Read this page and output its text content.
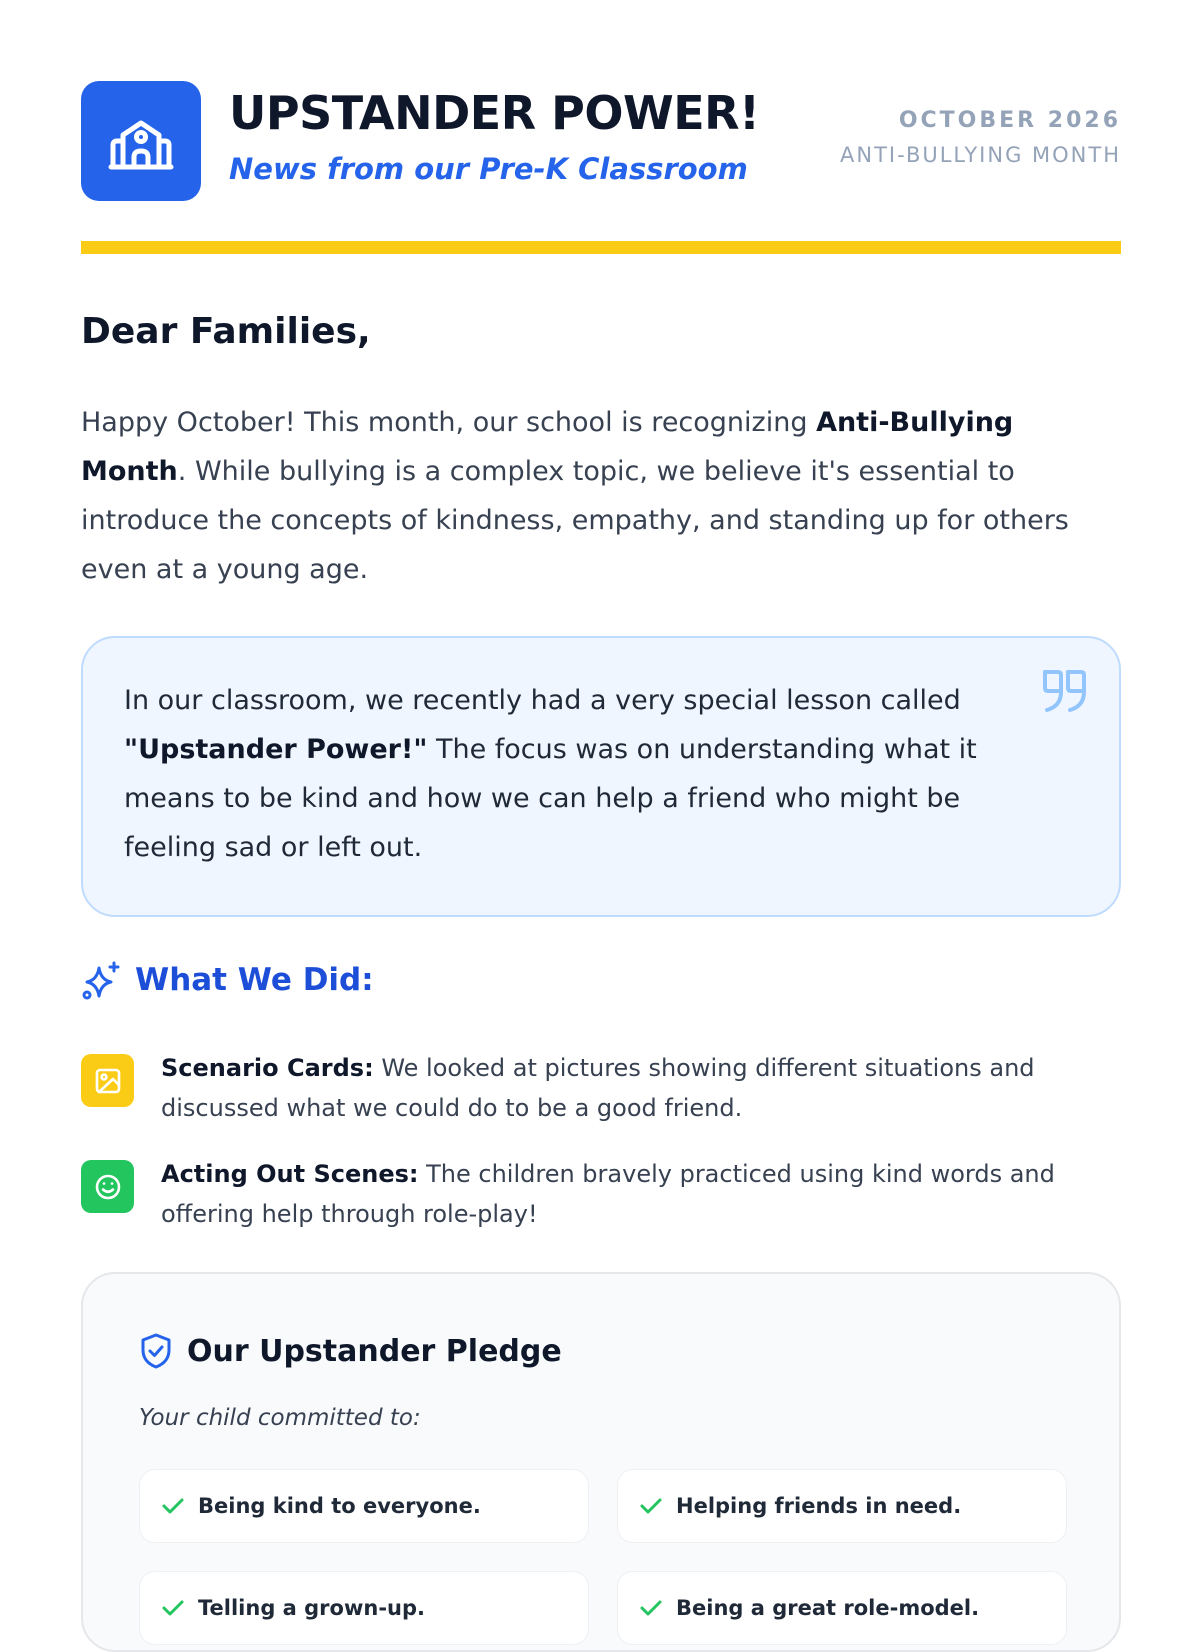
UPSTANDER POWER!
News from our Pre-K Classroom
OCTOBER 2026
ANTI-BULLYING MONTH
Dear Families,

Happy October! This month, our school is recognizing Anti-Bullying Month. While bullying is a complex topic, we believe it's essential to introduce the concepts of kindness, empathy, and standing up for others even at a young age.

In our classroom, we recently had a very special lesson called "Upstander Power!" The focus was on understanding what it means to be kind and how we can help a friend who might be feeling sad or left out.

What We Did:

Scenario Cards: We looked at pictures showing different situations and discussed what we could do to be a good friend.

Acting Out Scenes: The children bravely practiced using kind words and offering help through role-play!

Our Upstander Pledge
Your child committed to:
Being kind to everyone.	Helping friends in need.
Telling a grown-up.	Being a great role-model.
